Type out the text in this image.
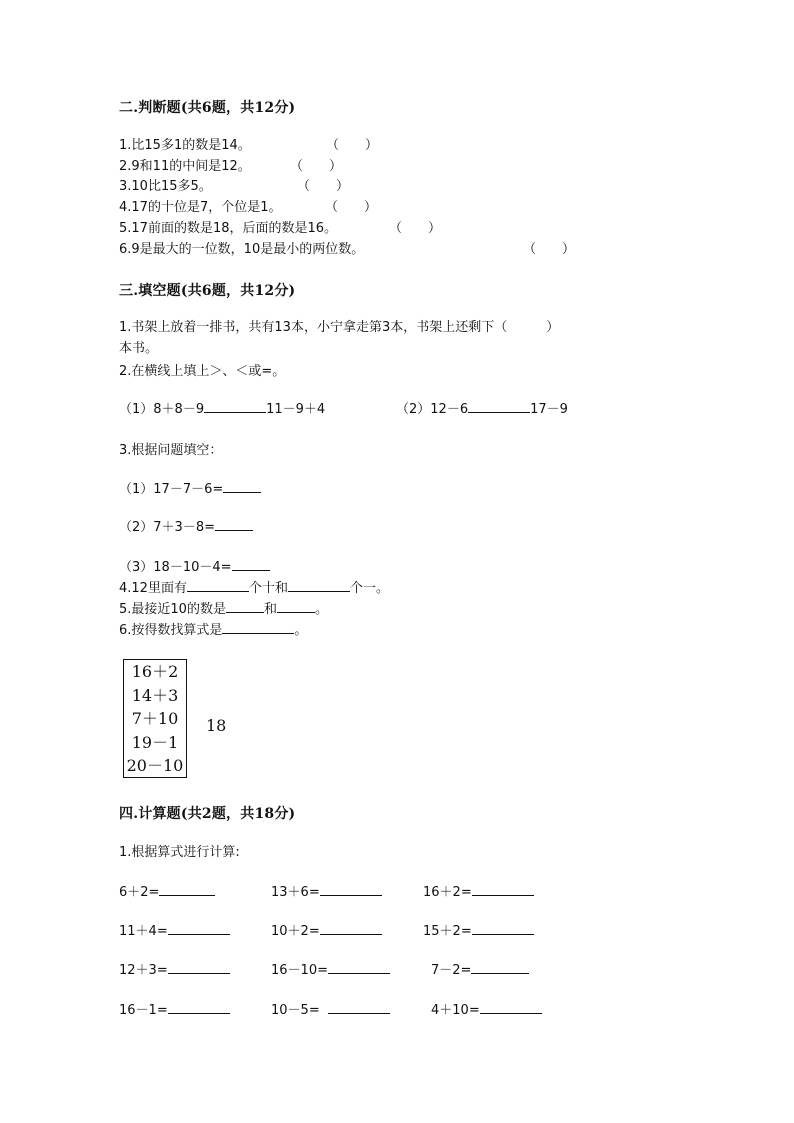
二.判断题(共6题，共12分)
1.比15多1的数是14。	（　　）
2.9和11的中间是12。	（　　）
3.10比15多5。	（　　）
4.17的十位是7，个位是1。	（　　）
5.17前面的数是18，后面的数是16。	（　　）
6.9是最大的一位数，10是最小的两位数。	（　　）
三.填空题(共6题，共12分)
1.书架上放着一排书，共有13本，小宁拿走第3本，书架上还剩下（　　　）
本书。
2.在横线上填上＞、＜或=。
（1）8＋8－9	11－9＋4	（2）12－6	17－9
3.根据问题填空：
（1）17－7－6=
（2）7＋3－8=
（3）18－10－4=
4.12里面有	个十和	个一。
5.最接近10的数是	和	。
6.按得数找算式是	。
16＋2
14＋3
7＋10
19－1
20－10
18
四.计算题(共2题，共18分)
1.根据算式进行计算:
6＋2=	13＋6=	16＋2=
11＋4=	10＋2=	15＋2=
12＋3=	16－10=	7－2=
16－1=	10－5=	4＋10=
